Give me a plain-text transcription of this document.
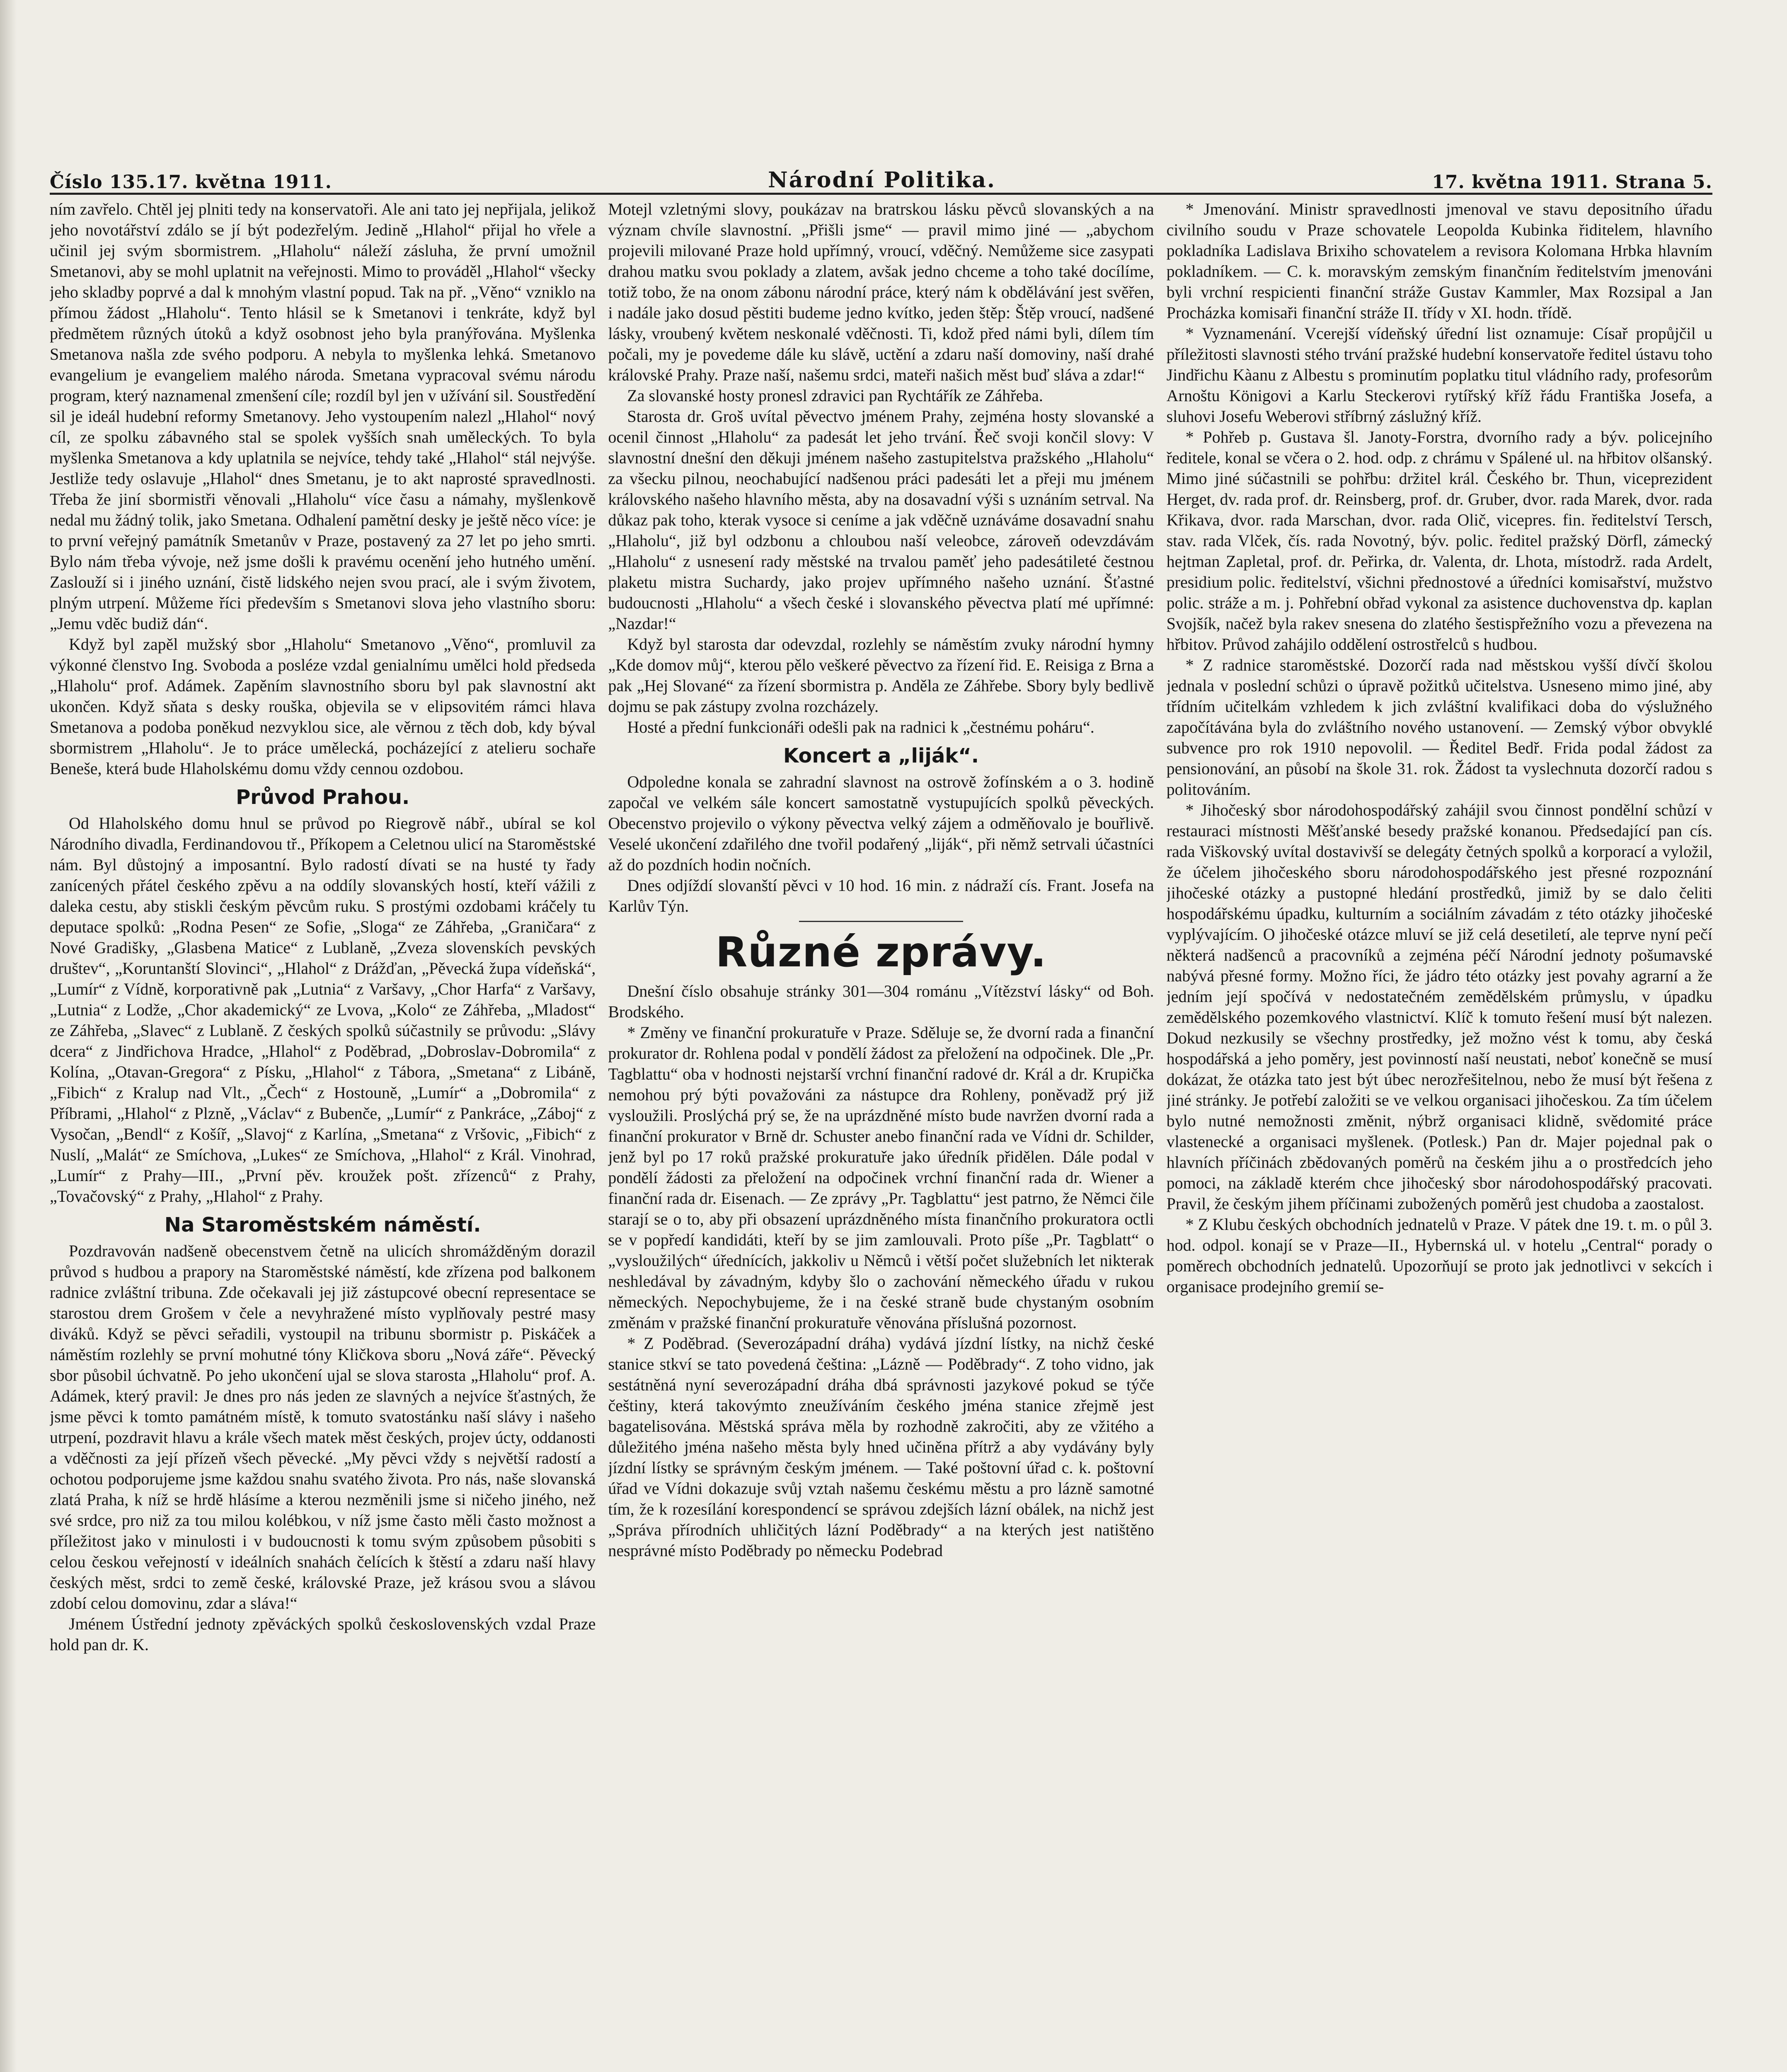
Číslo 135.17. května 1911.	Národní Politika.	17. května 1911. Strana 5.

ním zavřelo. Chtěl jej plniti tedy na konservatoři. Ale ani tato jej nepřijala, jelikož jeho novotářství zdálo se jí být podezřelým. Jedině „Hlahol“ přijal ho vřele a učinil jej svým sbormistrem. „Hlaholu“ náleží zásluha, že první umožnil Smetanovi, aby se mohl uplatnit na veřejnosti. Mimo to prováděl „Hlahol“ všecky jeho skladby poprvé a dal k mnohým vlastní popud. Tak na př. „Věno“ vzniklo na přímou žádost „Hlaholu“. Tento hlásil se k Smetanovi i tenkráte, když byl předmětem různých útoků a když osobnost jeho byla pranýřována. Myšlenka Smetanova našla zde svého podporu. A nebyla to myšlenka lehká. Smetanovo evangelium je evangeliem malého národa. Smetana vypracoval svému národu program, který naznamenal zmenšení cíle; rozdíl byl jen v užívání sil. Soustředění sil je ideál hudební reformy Smetanovy. Jeho vystoupením nalezl „Hlahol“ nový cíl, ze spolku zábavného stal se spolek vyšších snah uměleckých. To byla myšlenka Smetanova a kdy uplatnila se nejvíce, tehdy také „Hlahol“ stál nejvýše. Jestliže tedy oslavuje „Hlahol“ dnes Smetanu, je to akt naprosté spravedlnosti. Třeba že jiní sbormistři věnovali „Hlaholu“ více času a námahy, myšlenkově nedal mu žádný tolik, jako Smetana. Odhalení pamětní desky je ještě něco více: je to první veřejný památník Smetanův v Praze, postavený za 27 let po jeho smrti. Bylo nám třeba vývoje, než jsme došli k pravému ocenění jeho hutného umění. Zaslouží si i jiného uznání, čistě lidského nejen svou prací, ale i svým životem, plným utrpení. Můžeme říci především s Smetanovi slova jeho vlastního sboru: „Jemu vděc budiž dán“.

Když byl zapěl mužský sbor „Hlaholu“ Smetanovo „Věno“, promluvil za výkonné členstvo Ing. Svoboda a posléze vzdal genialnímu umělci hold předseda „Hlaholu“ prof. Adámek. Zapěním slavnostního sboru byl pak slavnostní akt ukončen. Když sňata s desky rouška, objevila se v elipsovitém rámci hlava Smetanova a podoba poněkud nezvyklou sice, ale věrnou z těch dob, kdy býval sbormistrem „Hlaholu“. Je to práce umělecká, pocházející z atelieru sochaře Beneše, která bude Hlaholskému domu vždy cennou ozdobou.

Průvod Prahou.

Od Hlaholského domu hnul se průvod po Riegrově nábř., ubíral se kol Národního divadla, Ferdinandovou tř., Příkopem a Celetnou ulicí na Staroměstské nám. Byl důstojný a imposantní. Bylo radostí dívati se na husté ty řady zanícených přátel českého zpěvu a na oddíly slovanských hostí, kteří vážili z daleka cestu, aby stiskli českým pěvcům ruku. S prostými ozdobami kráčely tu deputace spolků: „Rodna Pesen“ ze Sofie, „Sloga“ ze Záhřeba, „Graničara“ z Nové Gradišky, „Glasbena Matice“ z Lublaně, „Zveza slovenskích pevských društev“, „Koruntanští Slovinci“, „Hlahol“ z Drážďan, „Pěvecká župa vídeňská“, „Lumír“ z Vídně, korporativně pak „Lutnia“ z Varšavy, „Chor Harfa“ z Varšavy, „Lutnia“ z Lodže, „Chor akademický“ ze Lvova, „Kolo“ ze Záhřeba, „Mladost“ ze Záhřeba, „Slavec“ z Lublaně. Z českých spolků súčastnily se průvodu: „Slávy dcera“ z Jindřichova Hradce, „Hlahol“ z Poděbrad, „Dobroslav-Dobromila“ z Kolína, „Otavan-Gregora“ z Písku, „Hlahol“ z Tábora, „Smetana“ z Libáně, „Fibich“ z Kralup nad Vlt., „Čech“ z Hostouně, „Lumír“ a „Dobromila“ z Příbrami, „Hlahol“ z Plzně, „Václav“ z Bubenče, „Lumír“ z Pankráce, „Záboj“ z Vysočan, „Bendl“ z Košíř, „Slavoj“ z Karlína, „Smetana“ z Vršovic, „Fibich“ z Nuslí, „Malát“ ze Smíchova, „Lukes“ ze Smíchova, „Hlahol“ z Král. Vinohrad, „Lumír“ z Prahy—III., „První pěv. kroužek pošt. zřízenců“ z Prahy, „Tovačovský“ z Prahy, „Hlahol“ z Prahy.

Na Staroměstském náměstí.

Pozdravován nadšeně obecenstvem četně na ulicích shromážděným dorazil průvod s hudbou a prapory na Staroměstské náměstí, kde zřízena pod balkonem radnice zvláštní tribuna. Zde očekavali jej již zástupcové obecní representace se starostou drem Grošem v čele a nevyhražené místo vyplňovaly pestré masy diváků. Když se pěvci seřadili, vystoupil na tribunu sbormistr p. Piskáček a náměstím rozlehly se první mohutné tóny Kličkova sboru „Nová záře“. Pěvecký sbor působil úchvatně. Po jeho ukončení ujal se slova starosta „Hlaholu“ prof. A. Adámek, který pravil: Je dnes pro nás jeden ze slavných a nejvíce šťastných, že jsme pěvci k tomto památném místě, k tomuto svatostánku naší slávy i našeho utrpení, pozdravit hlavu a krále všech matek měst českých, projev úcty, oddanosti a vděčnosti za její přízeň všech pěvecké. „My pěvci vždy s největší radostí a ochotou podporujeme jsme každou snahu svatého života. Pro nás, naše slovanská zlatá Praha, k níž se hrdě hlásíme a kterou nezměnili jsme si ničeho jiného, než své srdce, pro niž za tou milou kolébkou, v níž jsme často měli často možnost a příležitost jako v minulosti i v budoucnosti k tomu svým způsobem působiti s celou českou veřejností v ideálních snahách čelících k štěstí a zdaru naší hlavy českých měst, srdci to země české, královské Praze, jež krásou svou a slávou zdobí celou domovinu, zdar a sláva!“

Jménem Ústřední jednoty zpěváckých spolků československých vzdal Praze hold pan dr. K.

Motejl vzletnými slovy, poukázav na bratrskou lásku pěvců slovanských a na význam chvíle slavnostní. „Přišli jsme“ — pravil mimo jiné — „abychom projevili milované Praze hold upřímný, vroucí, vděčný. Nemůžeme sice zasypati drahou matku svou poklady a zlatem, avšak jedno chceme a toho také docílíme, totiž tobo, že na onom zábonu národní práce, který nám k obdělávání jest svěřen, i nadále jako dosud pěstiti budeme jedno kvítko, jeden štěp: Štěp vroucí, nadšené lásky, vroubený květem neskonalé vděčnosti. Ti, kdož před námi byli, dílem tím počali, my je povedeme dále ku slávě, uctění a zdaru naší domoviny, naší drahé královské Prahy. Praze naší, našemu srdci, mateři našich měst buď sláva a zdar!“

Za slovanské hosty pronesl zdravici pan Rychtářík ze Záhřeba.

Starosta dr. Groš uvítal pěvectvo jménem Prahy, zejména hosty slovanské a ocenil činnost „Hlaholu“ za padesát let jeho trvání. Řeč svoji končil slovy: V slavnostní dnešní den děkuji jménem našeho zastupitelstva pražského „Hlaholu“ za všecku pilnou, neochabující nadšenou práci padesáti let a přeji mu jménem královského našeho hlavního města, aby na dosavadní výši s uznáním setrval. Na důkaz pak toho, kterak vysoce si ceníme a jak vděčně uznáváme dosavadní snahu „Hlaholu“, již byl odzbonu a chloubou naší veleobce, zároveň odevzdávám „Hlaholu“ z usnesení rady městské na trvalou paměť jeho padesátileté čestnou plaketu mistra Suchardy, jako projev upřímného našeho uznání. Šťastné budoucnosti „Hlaholu“ a všech české i slovanského pěvectva platí mé upřímné: „Nazdar!“

Když byl starosta dar odevzdal, rozlehly se náměstím zvuky národní hymny „Kde domov můj“, kterou pělo veškeré pěvectvo za řízení řid. E. Reisiga z Brna a pak „Hej Slované“ za řízení sbormistra p. Anděla ze Záhřebe. Sbory byly bedlivě dojmu se pak zástupy zvolna rozcházely.

Hosté a přední funkcionáři odešli pak na radnici k „čestnému poháru“.

Koncert a „liják“.

Odpoledne konala se zahradní slavnost na ostrově žofínském a o 3. hodině započal ve velkém sále koncert samostatně vystupujících spolků pěveckých. Obecenstvo projevilo o výkony pěvectva velký zájem a odměňovalo je bouřlivě. Veselé ukončení zdařilého dne tvořil podařený „liják“, při němž setrvali účastníci až do pozdních hodin nočních.

Dnes odjíždí slovanští pěvci v 10 hod. 16 min. z nádraží cís. Frant. Josefa na Karlův Týn.

Různé zprávy.

Dnešní číslo obsahuje stránky 301—304 románu „Vítězství lásky“ od Boh. Brodského.

* Změny ve finanční prokuratuře v Praze. Sděluje se, že dvorní rada a finanční prokurator dr. Rohlena podal v pondělí žádost za přeložení na odpočinek. Dle „Pr. Tagblattu“ oba v hodnosti nejstarší vrchní finanční radové dr. Král a dr. Krupička nemohou prý býti považováni za nástupce dra Rohleny, poněvadž prý již vysloužili. Proslýchá prý se, že na uprázdněné místo bude navržen dvorní rada a finanční prokurator v Brně dr. Schuster anebo finanční rada ve Vídni dr. Schilder, jenž byl po 17 roků pražské prokuratuře jako úředník přidělen. Dále podal v pondělí žádosti za přeložení na odpočinek vrchní finanční rada dr. Wiener a finanční rada dr. Eisenach. — Ze zprávy „Pr. Tagblattu“ jest patrno, že Němci čile starají se o to, aby při obsazení uprázdněného místa finančního prokuratora octli se v popředí kandidáti, kteří by se jim zamlouvali. Proto píše „Pr. Tagblatt“ o „vysloužilých“ úřednících, jakkoliv u Němců i větší počet služebních let nikterak neshledával by závadným, kdyby šlo o zachování německého úřadu v rukou německých. Nepochybujeme, že i na české straně bude chystaným osobním změnám v pražské finanční prokuratuře věnována příslušná pozornost.

* Z Poděbrad. (Severozápadní dráha) vydává jízdní lístky, na nichž české stanice stkví se tato povedená čeština: „Lázně — Poděbrady“. Z toho vidno, jak sestátněná nyní severozápadní dráha dbá správnosti jazykové pokud se týče češtiny, která takovýmto zneužíváním českého jména stanice zřejmě jest bagatelisována. Městská správa měla by rozhodně zakročiti, aby ze vžitého a důležitého jména našeho města byly hned učiněna přítrž a aby vydávány byly jízdní lístky se správným českým jménem. — Také poštovní úřad c. k. poštovní úřad ve Vídni dokazuje svůj vztah našemu českému městu a pro lázně samotné tím, že k rozesílání korespondencí se správou zdejších lázní obálek, na nichž jest „Správa přírodních uhličitých lázní Poděbrady“ a na kterých jest natištěno nesprávné místo Poděbrady po německu Podebrad

* Jmenování. Ministr spravedlnosti jmenoval ve stavu depositního úřadu civilního soudu v Praze schovatele Leopolda Kubinka řiditelem, hlavního pokladníka Ladislava Brixiho schovatelem a revisora Kolomana Hrbka hlavním pokladníkem. — C. k. moravským zemským finančním ředitelstvím jmenováni byli vrchní respicienti finanční stráže Gustav Kammler, Max Rozsipal a Jan Procházka komisaři finanční stráže II. třídy v XI. hodn. třídě.

* Vyznamenání. Vcerejší vídeňský úřední list oznamuje: Císař propůjčil u příležitosti slavnosti stého trvání pražské hudební konservatoře ředitel ústavu toho Jindřichu Kàanu z Albestu s prominutím poplatku titul vládního rady, profesorům Arnoštu Königovi a Karlu Steckerovi rytířský kříž řádu Františka Josefa, a sluhovi Josefu Weberovi stříbrný záslužný kříž.

* Pohřeb p. Gustava šl. Janoty-Forstra, dvorního rady a býv. policejního ředitele, konal se včera o 2. hod. odp. z chrámu v Spálené ul. na hřbitov olšanský. Mimo jiné súčastnili se pohřbu: držitel král. Českého br. Thun, viceprezident Herget, dv. rada prof. dr. Reinsberg, prof. dr. Gruber, dvor. rada Marek, dvor. rada Křikava, dvor. rada Marschan, dvor. rada Olič, vicepres. fin. ředitelství Tersch, stav. rada Vlček, čís. rada Novotný, býv. polic. ředitel pražský Dörfl, zámecký hejtman Zapletal, prof. dr. Peřirka, dr. Valenta, dr. Lhota, místodrž. rada Ardelt, presidium polic. ředitelství, všichni přednostové a úředníci komisařství, mužstvo polic. stráže a m. j. Pohřební obřad vykonal za asistence duchovenstva dp. kaplan Svojšík, načež byla rakev snesena do zlatého šestispřežního vozu a převezena na hřbitov. Průvod zahájilo oddělení ostrostřelců s hudbou.

* Z radnice staroměstské. Dozorčí rada nad městskou vyšší dívčí školou jednala v poslední schůzi o úpravě požitků učitelstva. Usneseno mimo jiné, aby třídním učitelkám vzhledem k jich zvláštní kvalifikaci doba do výslužného započítávána byla do zvláštního nového ustanovení. — Zemský výbor obvyklé subvence pro rok 1910 nepovolil. — Ředitel Bedř. Frida podal žádost za pensionování, an působí na škole 31. rok. Žádost ta vyslechnuta dozorčí radou s politováním.

* Jihočeský sbor národohospodářský zahájil svou činnost pondělní schůzí v restauraci místnosti Měšťanské besedy pražské konanou. Předsedající pan cís. rada Viškovský uvítal dostavivší se delegáty četných spolků a korporací a vyložil, že účelem jihočeského sboru národohospodářského jest přesné rozpoznání jihočeské otázky a pustopné hledání prostředků, jimiž by se dalo čeliti hospodářskému úpadku, kulturním a sociálním závadám z této otázky jihočeské vyplývajícím. O jihočeské otázce mluví se již celá desetiletí, ale teprve nyní pečí některá nadšenců a pracovníků a zejména péčí Národní jednoty pošumavské nabývá přesné formy. Možno říci, že jádro této otázky jest povahy agrarní a že jedním její spočívá v nedostatečném zemědělském průmyslu, v úpadku zemědělského pozemkového vlastnictví. Klíč k tomuto řešení musí být nalezen. Dokud nezkusily se všechny prostředky, jež možno vést k tomu, aby česká hospodářská a jeho poměry, jest povinností naší neustati, neboť konečně se musí dokázat, že otázka tato jest být úbec nerozřešitelnou, nebo že musí být řešena z jiné stránky. Je potřebí založiti se ve velkou organisaci jihočeskou. Za tím účelem bylo nutné nemožnosti změnit, nýbrž organisaci klidně, svědomité práce vlastenecké a organisaci myšlenek. (Potlesk.) Pan dr. Majer pojednal pak o hlavních příčinách zbědovaných poměrů na českém jihu a o prostředcích jeho pomoci, na základě kterém chce jihočeský sbor národohospodářský pracovati. Pravil, že českým jihem příčinami zubožených poměrů jest chudoba a zaostalost.

* Z Klubu českých obchodních jednatelů v Praze. V pátek dne 19. t. m. o půl 3. hod. odpol. konají se v Praze—II., Hybernská ul. v hotelu „Central“ porady o poměrech obchodních jednatelů. Upozorňují se proto jak jednotlivci v sekcích i organisace prodejního gremií se-
